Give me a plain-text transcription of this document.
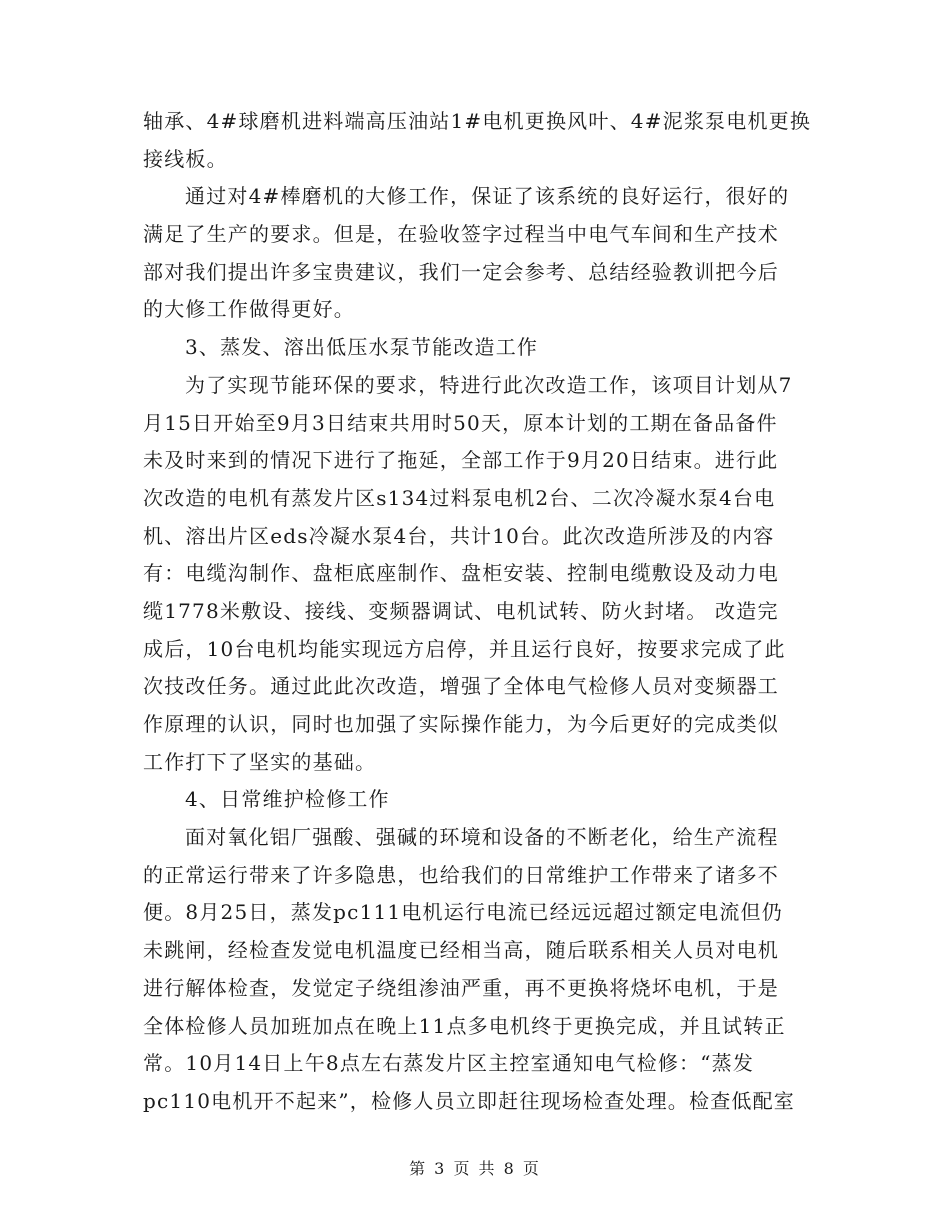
轴承、4#球磨机进料端高压油站1#电机更换风叶、4#泥浆泵电机更换
接线板。
通过对4#棒磨机的大修工作，保证了该系统的良好运行，很好的
满足了生产的要求。但是，在验收签字过程当中电气车间和生产技术
部对我们提出许多宝贵建议，我们一定会参考、总结经验教训把今后
的大修工作做得更好。
3、蒸发、溶出低压水泵节能改造工作
为了实现节能环保的要求，特进行此次改造工作，该项目计划从7
月15日开始至9月3日结束共用时50天，原本计划的工期在备品备件
未及时来到的情况下进行了拖延，全部工作于9月20日结束。进行此
次改造的电机有蒸发片区s134过料泵电机2台、二次冷凝水泵4台电
机、溶出片区eds冷凝水泵4台，共计10台。此次改造所涉及的内容
有：电缆沟制作、盘柜底座制作、盘柜安装、控制电缆敷设及动力电
缆1778米敷设、接线、变频器调试、电机试转、防火封堵。 改造完
成后，10台电机均能实现远方启停，并且运行良好，按要求完成了此
次技改任务。通过此此次改造，增强了全体电气检修人员对变频器工
作原理的认识，同时也加强了实际操作能力，为今后更好的完成类似
工作打下了坚实的基础。
4、日常维护检修工作
面对氧化铝厂强酸、强碱的环境和设备的不断老化，给生产流程
的正常运行带来了许多隐患，也给我们的日常维护工作带来了诸多不
便。8月25日，蒸发pc111电机运行电流已经远远超过额定电流但仍
未跳闸，经检查发觉电机温度已经相当高，随后联系相关人员对电机
进行解体检查，发觉定子绕组渗油严重，再不更换将烧坏电机，于是
全体检修人员加班加点在晚上11点多电机终于更换完成，并且试转正
常。10月14日上午8点左右蒸发片区主控室通知电气检修：“蒸发
pc110电机开不起来”，检修人员立即赶往现场检查处理。检查低配室
第 3 页 共 8 页
